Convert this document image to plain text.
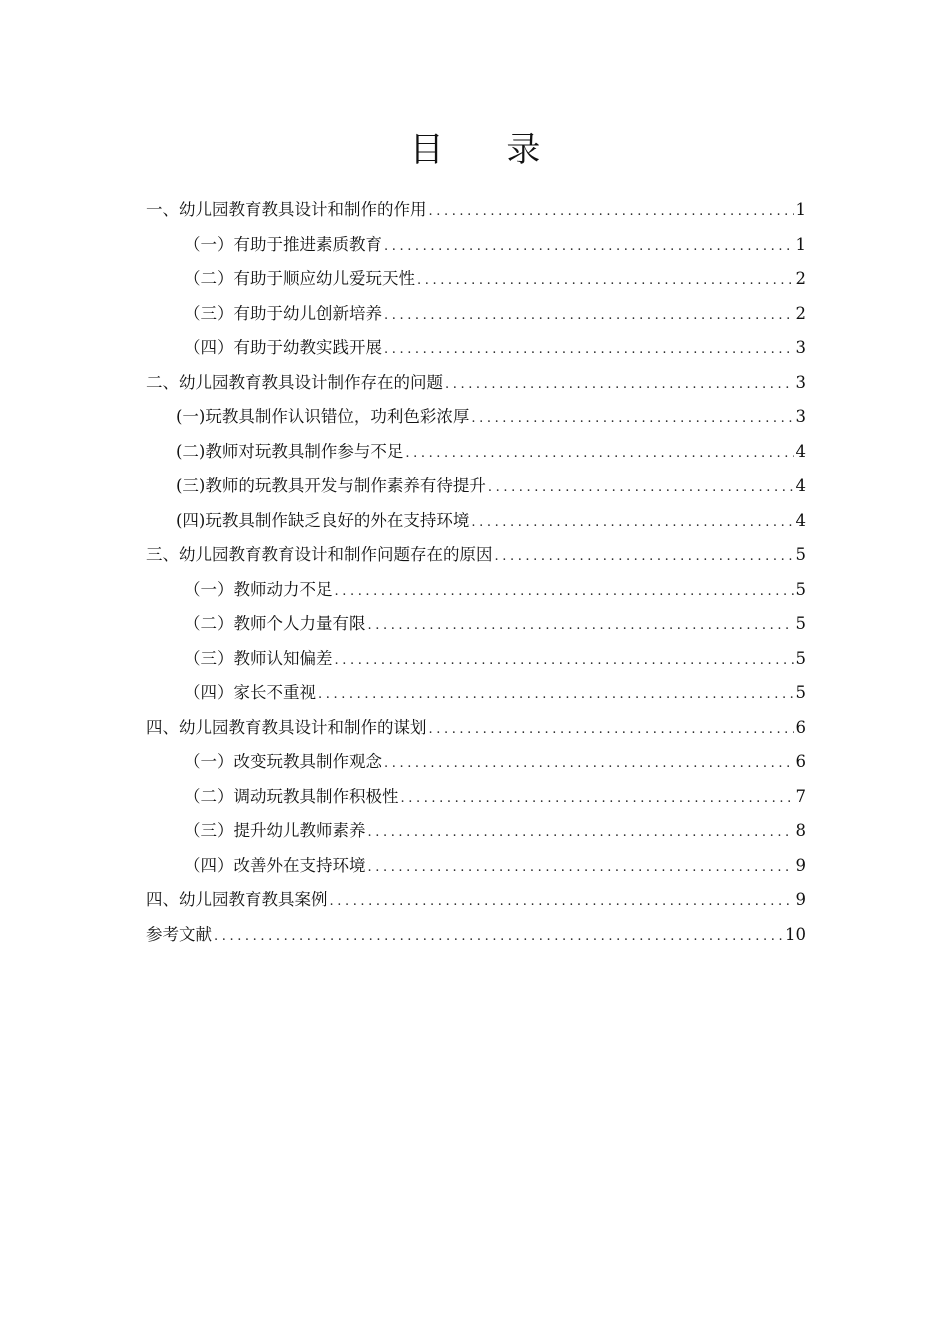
目 录
一、幼儿园教育教具设计和制作的作用 .....	1
（一）有助于推进素质教育 .....	1
（二）有助于顺应幼儿爱玩天性 .....	2
（三）有助于幼儿创新培养 .....	2
（四）有助于幼教实践开展 .....	3
二、幼儿园教育教具设计制作存在的问题 .....	3
(一)玩教具制作认识错位，功利色彩浓厚 .....	3
(二)教师对玩教具制作参与不足 .....	4
(三)教师的玩教具开发与制作素养有待提升 .....	4
(四)玩教具制作缺乏良好的外在支持环境 .....	4
三、幼儿园教育教育设计和制作问题存在的原因 .....	5
（一）教师动力不足 .....	5
（二）教师个人力量有限 .....	5
（三）教师认知偏差 .....	5
（四）家长不重视 .....	5
四、幼儿园教育教具设计和制作的谋划 .....	6
（一）改变玩教具制作观念 .....	6
（二）调动玩教具制作积极性 .....	7
（三）提升幼儿教师素养 .....	8
（四）改善外在支持环境 .....	9
四、幼儿园教育教具案例 .....	9
参考文献 .....	10
